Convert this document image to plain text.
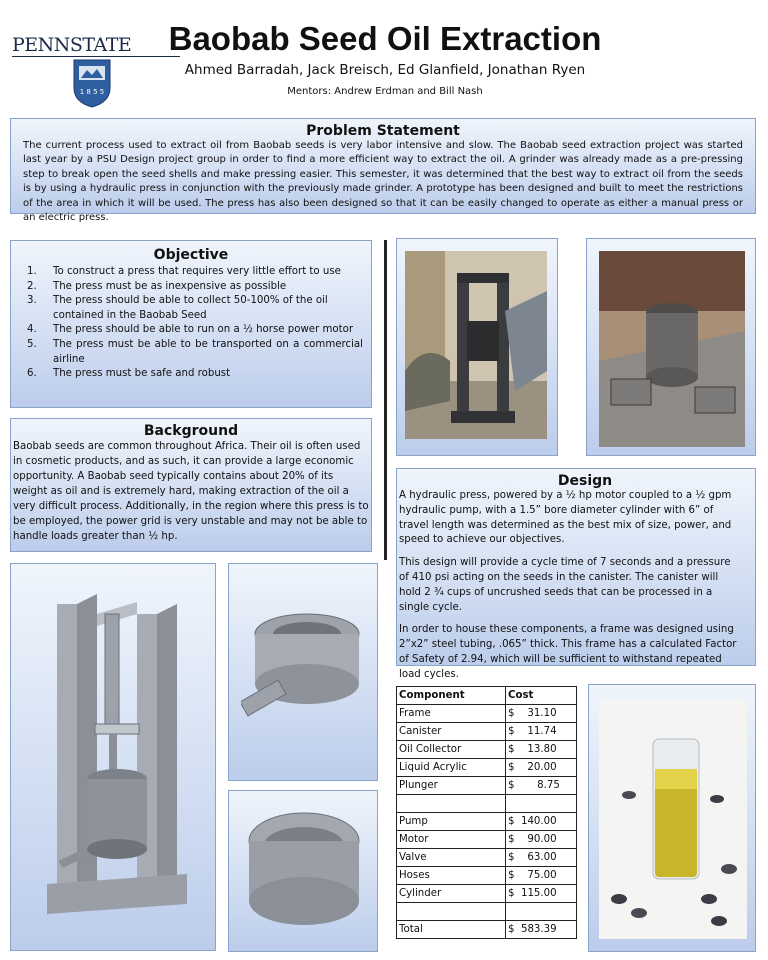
PENNSTATE
1 8 5 5
Baobab Seed Oil Extraction
Ahmed Barradah, Jack Breisch, Ed Glanfield, Jonathan Ryen
Mentors: Andrew Erdman and Bill Nash
Problem Statement
The current process used to extract oil from Baobab seeds is very labor intensive and slow. The Baobab seed extraction project was started last year by a PSU Design project group in order to find a more efficient way to extract the oil. A grinder was already made as a pre-pressing step to break open the seed shells and make pressing easier. This semester, it was determined that the best way to extract oil from the seeds is by using a hydraulic press in conjunction with the previously made grinder. A prototype has been designed and built to meet the restrictions of the area in which it will be used. The press has also been designed so that it can be easily changed to operate as either a manual press or an electric press.
Objective
1. To construct a press that requires very little effort to use
2. The press must be as inexpensive as possible
3. The press should be able to collect 50-100% of the oil contained in the Baobab Seed
4. The press should be able to run on a ½ horse power motor
5. The press must be able to be transported on a commercial airline
6. The press must be safe and robust
Background
Baobab seeds are common throughout Africa. Their oil is often used in cosmetic products, and as such, it can provide a large economic opportunity. A Baobab seed typically contains about 20% of its weight as oil and is extremely hard, making extraction of the oil a very difficult process. Additionally, in the region where this press is to be employed, the power grid is very unstable and may not be able to handle loads greater than ½ hp.
Design
A hydraulic press, powered by a ½ hp motor coupled to a ½ gpm hydraulic pump, with a 1.5” bore diameter cylinder with 6” of travel length was determined as the best mix of size, power, and speed to achieve our objectives.
This design will provide a cycle time of 7 seconds and a pressure of 410 psi acting on the seeds in the canister. The canister will hold 2 ¾ cups of uncrushed seeds that can be processed in a single cycle.
In order to house these components, a frame was designed using 2”x2” steel tubing, .065” thick. This frame has a calculated Factor of Safety of 2.94, which will be sufficient to withstand repeated load cycles.
Component	Cost
Frame	$    31.10
Canister	$    11.74
Oil Collector	$    13.80
Liquid Acrylic	$    20.00
Plunger	$       8.75

Pump	$  140.00
Motor	$    90.00
Valve	$    63.00
Hoses	$    75.00
Cylinder	$  115.00

Total	$  583.39
